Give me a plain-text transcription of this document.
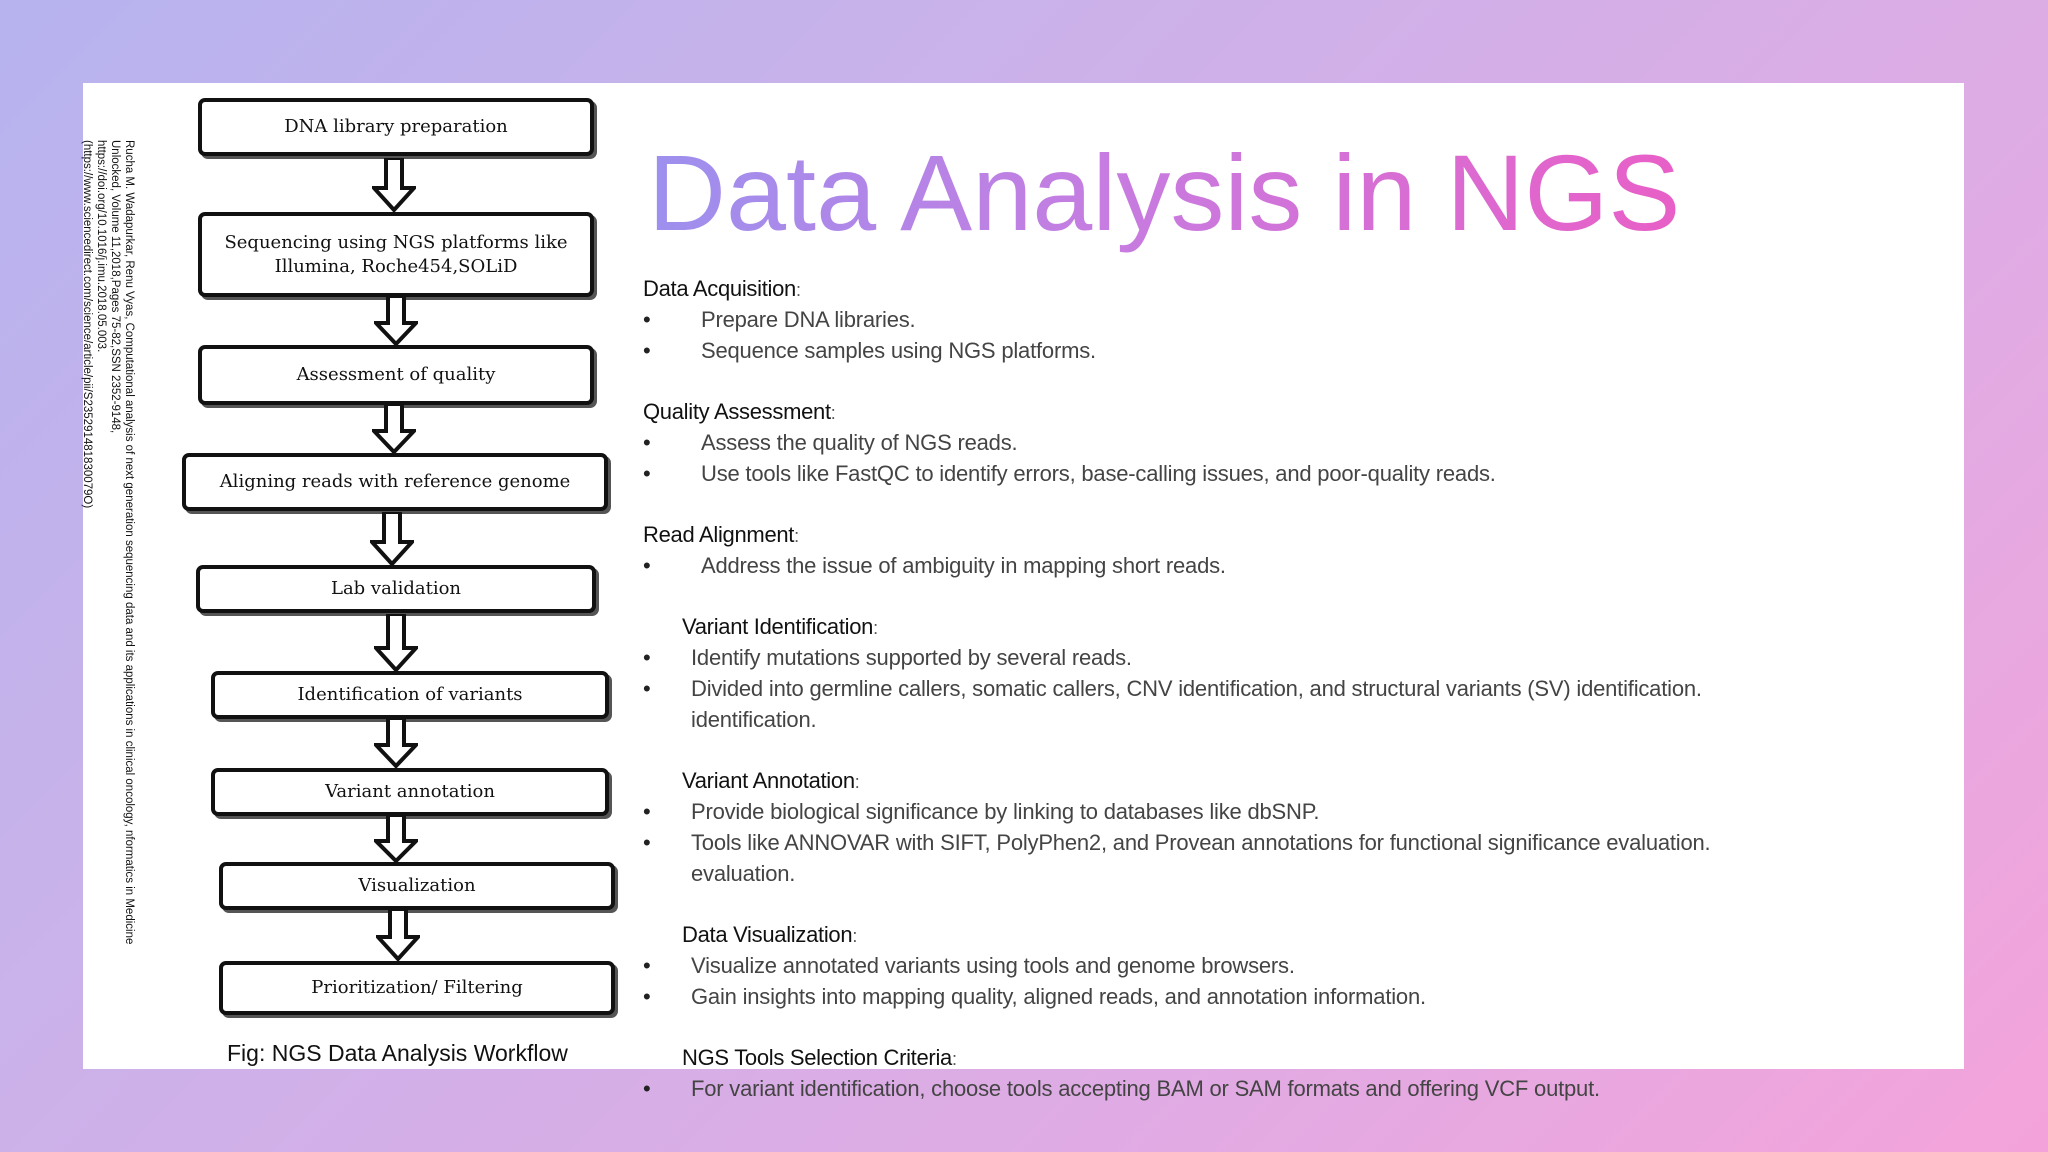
Rucha M. Wadapurkar, Renu Vyas, Computational analysis of next generation sequencing data and its applications in clinical oncology, nformatics in Medicine
Unlocked, Volume 11,2018,Pages 75-82,SSN 2352-9148,
https://doi.org/10.1016/j.imu.2018.05.003.
(https://www.sciencedirect.com/science/article/pii/S235291481830079O)
DNA library preparation
Sequencing using NGS platforms like Illumina, Roche454,SOLiD
Assessment of quality
Aligning reads with reference genome
Lab validation
Identification of variants
Variant annotation
Visualization
Prioritization/ Filtering
Fig: NGS Data Analysis Workflow
Data Analysis in NGS
Data Acquisition:
• Prepare DNA libraries.
• Sequence samples using NGS platforms.
Quality Assessment:
• Assess the quality of NGS reads.
• Use tools like FastQC to identify errors, base-calling issues, and poor-quality reads.
Read Alignment:
• Address the issue of ambiguity in mapping short reads.
Variant Identification:
• Identify mutations supported by several reads.
• Divided into germline callers, somatic callers, CNV identification, and structural variants (SV) identification.
identification.
Variant Annotation:
• Provide biological significance by linking to databases like dbSNP.
• Tools like ANNOVAR with SIFT, PolyPhen2, and Provean annotations for functional significance evaluation.
evaluation.
Data Visualization:
• Visualize annotated variants using tools and genome browsers.
• Gain insights into mapping quality, aligned reads, and annotation information.
NGS Tools Selection Criteria:
• For variant identification, choose tools accepting BAM or SAM formats and offering VCF output.
